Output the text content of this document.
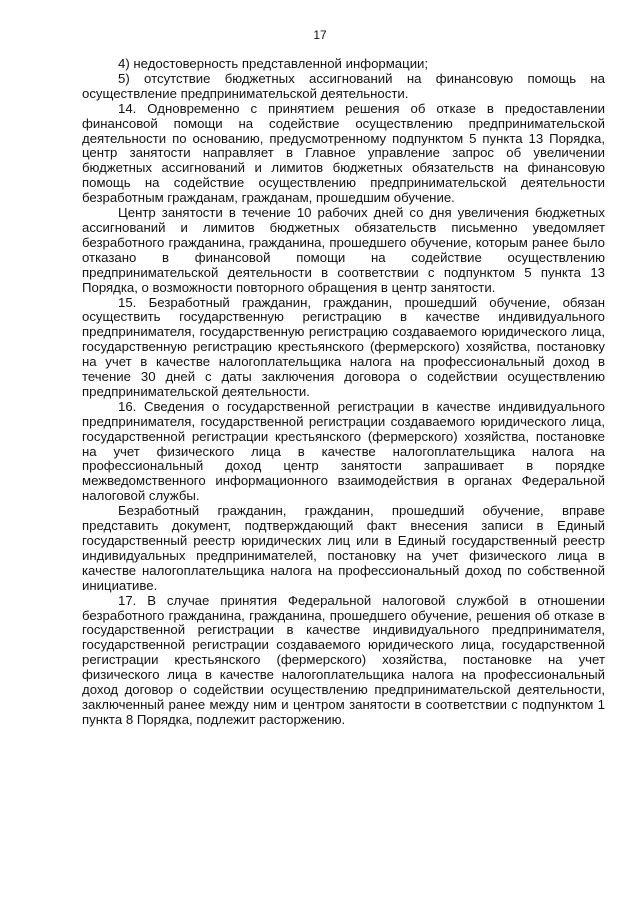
17

4) недостоверность представленной информации;

5) отсутствие бюджетных ассигнований на финансовую помощь на осуществление предпринимательской деятельности.

14. Одновременно с принятием решения об отказе в предоставлении финансовой помощи на содействие осуществлению предпринимательской деятельности по основанию, предусмотренному подпунктом 5 пункта 13 Порядка, центр занятости направляет в Главное управление запрос об увеличении бюджетных ассигнований и лимитов бюджетных обязательств на финансовую помощь на содействие осуществлению предпринимательской деятельности безработным гражданам, гражданам, прошедшим обучение.

Центр занятости в течение 10 рабочих дней со дня увеличения бюджетных ассигнований и лимитов бюджетных обязательств письменно уведомляет безработного гражданина, гражданина, прошедшего обучение, которым ранее было отказано в финансовой помощи на содействие осуществлению предпринимательской деятельности в соответствии с подпунктом 5 пункта 13 Порядка, о возможности повторного обращения в центр занятости.

15. Безработный гражданин, гражданин, прошедший обучение, обязан осуществить государственную регистрацию в качестве индивидуального предпринимателя, государственную регистрацию создаваемого юридического лица, государственную регистрацию крестьянского (фермерского) хозяйства, постановку на учет в качестве налогоплательщика налога на профессиональный доход в течение 30 дней с даты заключения договора о содействии осуществлению предпринимательской деятельности.

16. Сведения о государственной регистрации в качестве индивидуального предпринимателя, государственной регистрации создаваемого юридического лица, государственной регистрации крестьянского (фермерского) хозяйства, постановке на учет физического лица в качестве налогоплательщика налога на профессиональный доход центр занятости запрашивает в порядке межведомственного информационного взаимодействия в органах Федеральной налоговой службы.

Безработный гражданин, гражданин, прошедший обучение, вправе представить документ, подтверждающий факт внесения записи в Единый государственный реестр юридических лиц или в Единый государственный реестр индивидуальных предпринимателей, постановку на учет физического лица в качестве налогоплательщика налога на профессиональный доход по собственной инициативе.

17. В случае принятия Федеральной налоговой службой в отношении безработного гражданина, гражданина, прошедшего обучение, решения об отказе в государственной регистрации в качестве индивидуального предпринимателя, государственной регистрации создаваемого юридического лица, государственной регистрации крестьянского (фермерского) хозяйства, постановке на учет физического лица в качестве налогоплательщика налога на профессиональный доход договор о содействии осуществлению предпринимательской деятельности, заключенный ранее между ним и центром занятости в соответствии с подпунктом 1 пункта 8 Порядка, подлежит расторжению.
